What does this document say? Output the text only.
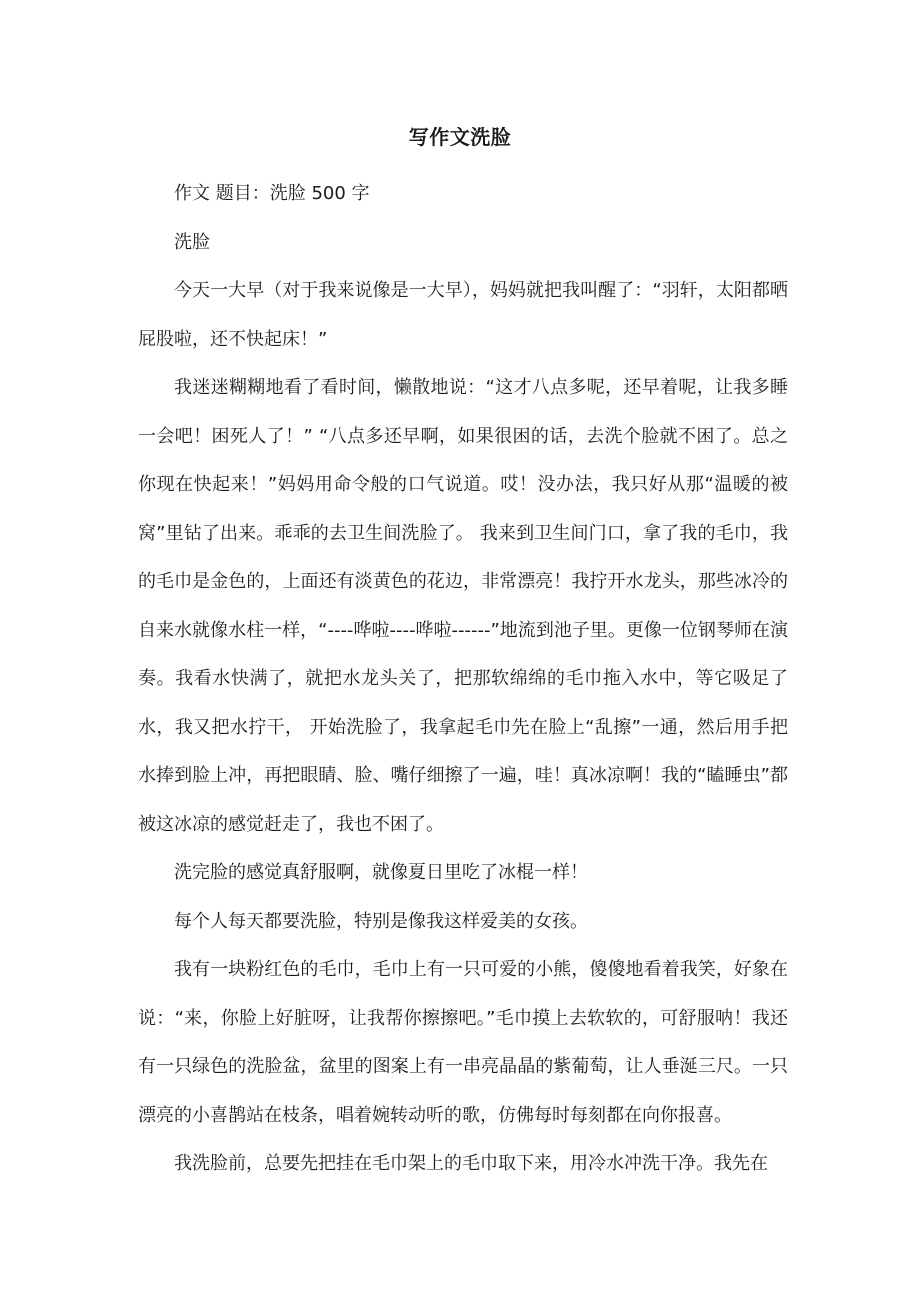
写作文洗脸

作文 题目：洗脸 500 字

洗脸

今天一大早（对于我来说像是一大早），妈妈就把我叫醒了：“羽轩，太阳都晒屁股啦，还不快起床！”

我迷迷糊糊地看了看时间，懒散地说：“这才八点多呢，还早着呢，让我多睡一会吧！困死人了！” “八点多还早啊，如果很困的话，去洗个脸就不困了。总之你现在快起来！”妈妈用命令般的口气说道。哎！没办法，我只好从那“温暖的被窝”里钻了出来。乖乖的去卫生间洗脸了。 我来到卫生间门口，拿了我的毛巾，我的毛巾是金色的，上面还有淡黄色的花边，非常漂亮！我拧开水龙头，那些冰冷的自来水就像水柱一样，“----哗啦----哗啦------”地流到池子里。更像一位钢琴师在演奏。我看水快满了，就把水龙头关了，把那软绵绵的毛巾拖入水中，等它吸足了水，我又把水拧干， 开始洗脸了，我拿起毛巾先在脸上“乱擦”一通，然后用手把水捧到脸上冲，再把眼睛、脸、嘴仔细擦了一遍，哇！真冰凉啊！我的“瞌睡虫”都被这冰凉的感觉赶走了，我也不困了。

洗完脸的感觉真舒服啊，就像夏日里吃了冰棍一样！

每个人每天都要洗脸，特别是像我这样爱美的女孩。

我有一块粉红色的毛巾，毛巾上有一只可爱的小熊，傻傻地看着我笑，好象在说：“来，你脸上好脏呀，让我帮你擦擦吧。”毛巾摸上去软软的，可舒服呐！我还有一只绿色的洗脸盆，盆里的图案上有一串亮晶晶的紫葡萄，让人垂涎三尺。一只漂亮的小喜鹊站在枝条，唱着婉转动听的歌，仿佛每时每刻都在向你报喜。

我洗脸前，总要先把挂在毛巾架上的毛巾取下来，用冷水冲洗干净。我先在
